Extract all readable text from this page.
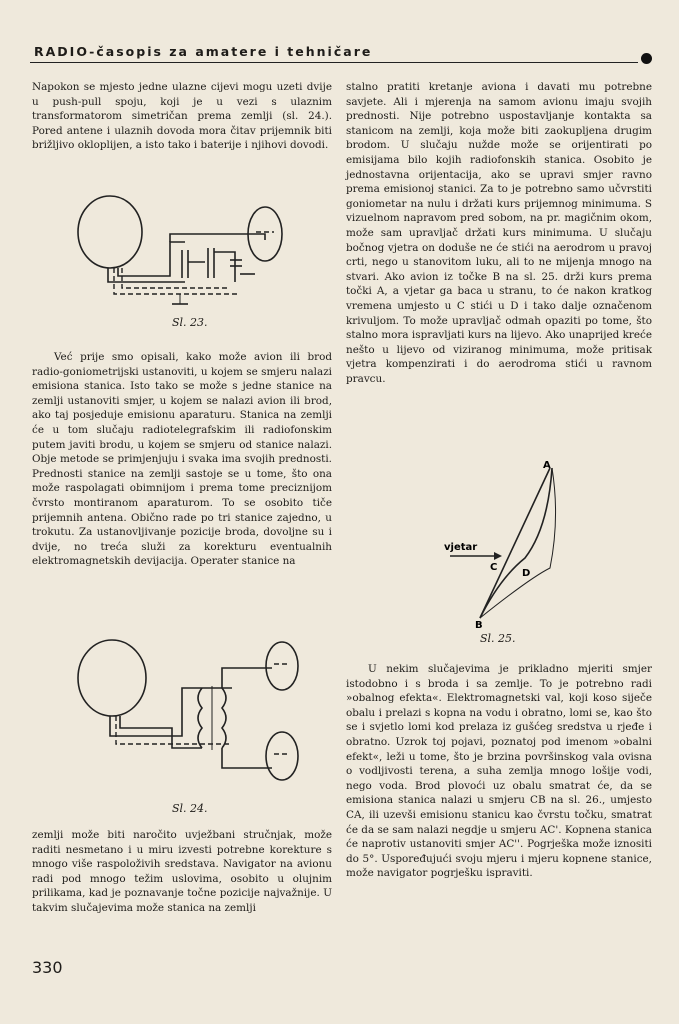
RADIO-časopis za amatere i tehničare

Napokon se mjesto jedne ulazne cijevi mogu uzeti dvije u push-pull spoju, koji je u vezi s ulaznim transformatorom simetričan prema zemlji (sl. 24.). Pored antene i ulaznih dovoda mora čitav prijemnik biti brižljivo okloplijen, a isto tako i baterije i njihovi dovodi.

Sl. 23.

Već prije smo opisali, kako može avion ili brod radio-goniometrijski ustanoviti, u kojem se smjeru nalazi emisiona stanica. Isto tako se može s jedne stanice na zemlji ustanoviti smjer, u kojem se nalazi avion ili brod, ako taj posjeduje emisionu aparaturu. Stanica na zemlji će u tom slučaju radiotelegrafskim ili radiofonskim putem javiti brodu, u kojem se smjeru od stanice nalazi. Obje metode se primjenjuju i svaka ima svojih prednosti. Prednosti stanice na zemlji sastoje se u tome, što ona može raspolagati obimnijom i prema tome preciznijom čvrsto montiranom aparaturom. To se osobito tiče prijemnih antena. Obično rade po tri stanice zajedno, u trokutu. Za ustanovljivanje pozicije broda, dovoljne su i dvije, no treća služi za korekturu eventualnih elektromagnetskih devijacija. Operater stanice na

Sl. 24.

zemlji može biti naročito uvježbani stručnjak, može raditi nesmetano i u miru izvesti potrebne korekture s mnogo više raspoloživih sredstava. Navigator na avionu radi pod mnogo težim uslovima, osobito u olujnim prilikama, kad je poznavanje točne pozicije najvažnije. U takvim slučajevima može stanica na zemlji

stalno pratiti kretanje aviona i davati mu potrebne savjete. Ali i mjerenja na samom avionu imaju svojih prednosti. Nije potrebno uspostavljanje kontakta sa stanicom na zemlji, koja može biti zaokupljena drugim brodom. U slučaju nužde može se orijentirati po emisijama bilo kojih radiofonskih stanica. Osobito je jednostavna orijentacija, ako se upravi smjer ravno prema emisionoj stanici. Za to je potrebno samo učvrstiti goniometar na nulu i držati kurs prijemnog minimuma. S vizuelnom napravom pred sobom, na pr. magičnim okom, može sam upravljač držati kurs minimuma. U slučaju bočnog vjetra on doduše ne će stići na aerodrom u pravoj crti, nego u stanovitom luku, ali to ne mijenja mnogo na stvari. Ako avion iz točke B na sl. 25. drži kurs prema točki A, a vjetar ga baca u stranu, to će nakon kratkog vremena umjesto u C stići u D i tako dalje označenom krivuljom. To može upravljač odmah opaziti po tome, što stalno mora ispravljati kurs na lijevo. Ako unaprijed kreće nešto u lijevo od viziranog minimuma, može pritisak vjetra kompenzirati i do aerodroma stići u ravnom pravcu.

vjetar
A
B
C
D
Sl. 25.

U nekim slučajevima je prikladno mjeriti smjer istodobno i s broda i sa zemlje. To je potrebno radi »obalnog efekta«. Elektromagnetski val, koji koso siječe obalu i prelazi s kopna na vodu i obratno, lomi se, kao što se i svjetlo lomi kod prelaza iz gušćeg sredstva u rjeđe i obratno. Uzrok toj pojavi, poznatoj pod imenom »obalni efekt«, leži u tome, što je brzina površinskog vala ovisna o vodljivosti terena, a suha zemlja mnogo lošije vodi, nego voda. Brod plovoći uz obalu smatrat će, da se emisiona stanica nalazi u smjeru CB na sl. 26., umjesto CA, ili uzevši emisionu stanicu kao čvrstu točku, smatrat će da se sam nalazi negdje u smjeru AC'. Kopnena stanica će naprotiv ustanoviti smjer AC''. Pogrješka može iznositi do 5°. Uspoređujući svoju mjeru i mjeru kopnene stanice, može navigator pogrješku ispraviti.

330
